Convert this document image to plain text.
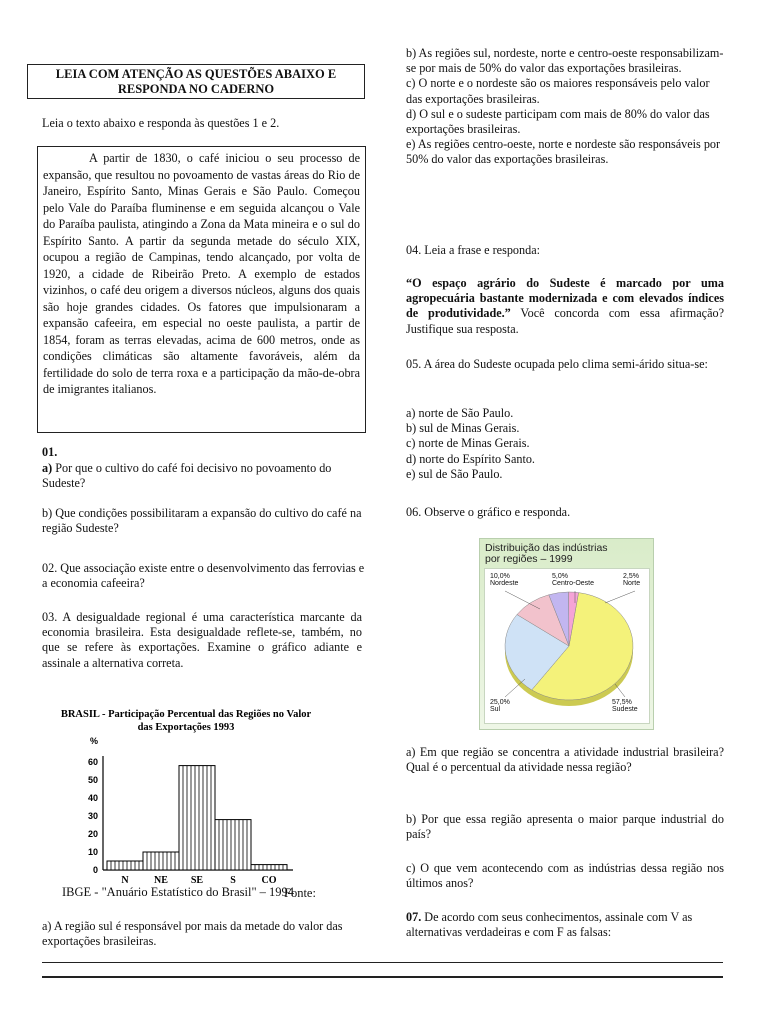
LEIA COM ATENÇÃO AS QUESTÕES ABAIXO E
RESPONDA NO CADERNO
Leia o texto abaixo e responda às questões 1 e 2.

A partir de 1830, o café iniciou o seu processo de expansão, que resultou no povoamento de vastas áreas do Rio de Janeiro, Espírito Santo, Minas Gerais e São Paulo. Começou pelo Vale do Paraíba fluminense e em seguida alcançou o Vale do Paraíba paulista, atingindo a Zona da Mata mineira e o sul do Espírito Santo. A partir da segunda metade do século XIX, ocupou a região de Campinas, tendo alcançado, por volta de 1920, a cidade de Ribeirão Preto. A exemplo de estados vizinhos, o café deu origem a diversos núcleos, alguns dos quais são hoje grandes cidades. Os fatores que impulsionaram a expansão cafeeira, em especial no oeste paulista, a partir de 1854, foram as terras elevadas, acima de 600 metros, onde as condições climáticas são altamente favoráveis, além da fertilidade do solo de terra roxa e a participação da mão-de-obra de imigrantes italianos.

01.
a) Por que o cultivo do café foi decisivo no povoamento do Sudeste?
b) Que condições possibilitaram a expansão do cultivo do café na região Sudeste?
02. Que associação existe entre o desenvolvimento das ferrovias e a economia cafeeira?
03. A desigualdade regional é uma característica marcante da economia brasileira. Esta desigualdade reflete-se, também, no que se refere às exportações. Examine o gráfico adiante e assinale a alternativa correta.
Fonte:
IBGE - "Anuário Estatístico do Brasil" – 1994
a) A região sul é responsável por mais da metade do valor das exportações brasileiras.
BRASIL - Participação Percentual das Regiões no Valor
das Exportações 1993
%
0
10
20
30
40
50
60
N	NE SE	S	CO
b) As regiões sul, nordeste, norte e centro-oeste responsabilizam-se por mais de 50% do valor das exportações brasileiras.
c) O norte e o nordeste são os maiores responsáveis pelo valor das exportações brasileiras.
d) O sul e o sudeste participam com mais de 80% do valor das exportações brasileiras.
e) As regiões centro-oeste, norte e nordeste são responsáveis por 50% do valor das exportações brasileiras.
04. Leia a frase e responda:
“O espaço agrário do Sudeste é marcado por uma agropecuária bastante modernizada e com elevados índices de produtividade.” Você concorda com essa afirmação? Justifique sua resposta.
05. A área do Sudeste ocupada pelo clima semi-árido situa-se:
a) norte de São Paulo.
b) sul de Minas Gerais.
c) norte de Minas Gerais.
d) norte do Espírito Santo.
e) sul de São Paulo.
06. Observe o gráfico e responda.
a) Em que região se concentra a atividade industrial brasileira? Qual é o percentual da atividade nessa região?
b) Por que essa região apresenta o maior parque industrial do país?
c) O que vem acontecendo com as indústrias dessa região nos últimos anos?
07. De acordo com seus conhecimentos, assinale com V as alternativas verdadeiras e com F as falsas:
Distribuição das indústrias
por regiões – 1999
10,0%
Nordeste
5,0%
Centro-Oeste
2,5%
Norte
25,0%
Sul
57,5%
Sudeste
